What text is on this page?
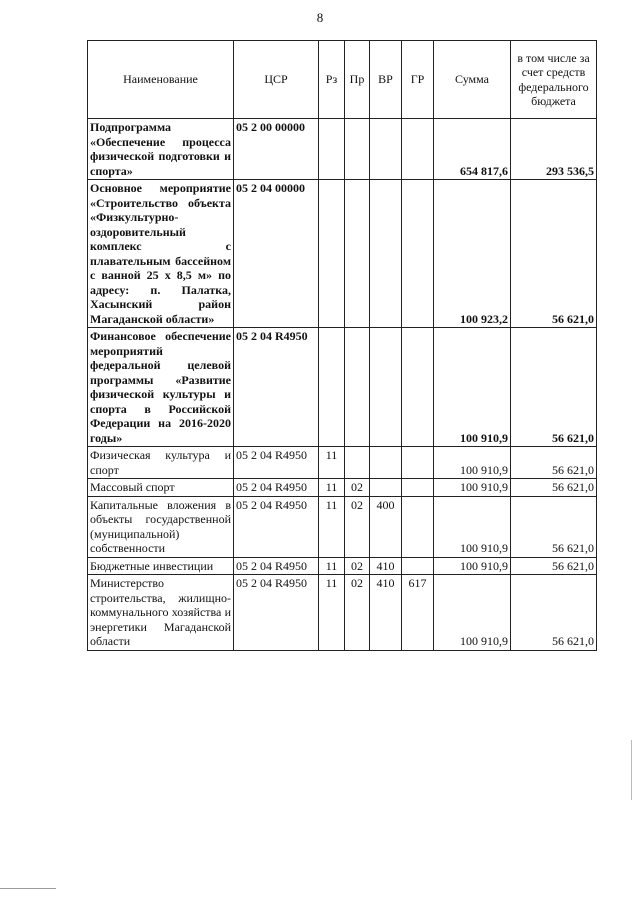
8
Наименование	ЦСР	Рз	Пр	ВР	ГР	Сумма	в том числе за счет средств федерального бюджета
Подпрограмма «Обеспечение процесса физической подготовки и спорта»	05 2 00 00000					654 817,6	293 536,5
Основное мероприятие «Строительство объекта «Физкультурно-оздоровительный комплекс с плавательным бассейном с ванной 25 х 8,5 м» по адресу: п. Палатка, Хасынский район Магаданской области»	05 2 04 00000					100 923,2	56 621,0
Финансовое обеспечение мероприятий федеральной целевой программы «Развитие физической культуры и спорта в Российской Федерации на 2016-2020 годы»	05 2 04 R4950					100 910,9	56 621,0
Физическая культура и спорт	05 2 04 R4950	11				100 910,9	56 621,0
Массовый спорт	05 2 04 R4950	11	02			100 910,9	56 621,0
Капитальные вложения в объекты государственной (муниципальной) собственности	05 2 04 R4950	11	02	400		100 910,9	56 621,0
Бюджетные инвестиции	05 2 04 R4950	11	02	410		100 910,9	56 621,0
Министерство строительства, жилищно-коммунального хозяйства и энергетики Магаданской области	05 2 04 R4950	11	02	410	617	100 910,9	56 621,0
